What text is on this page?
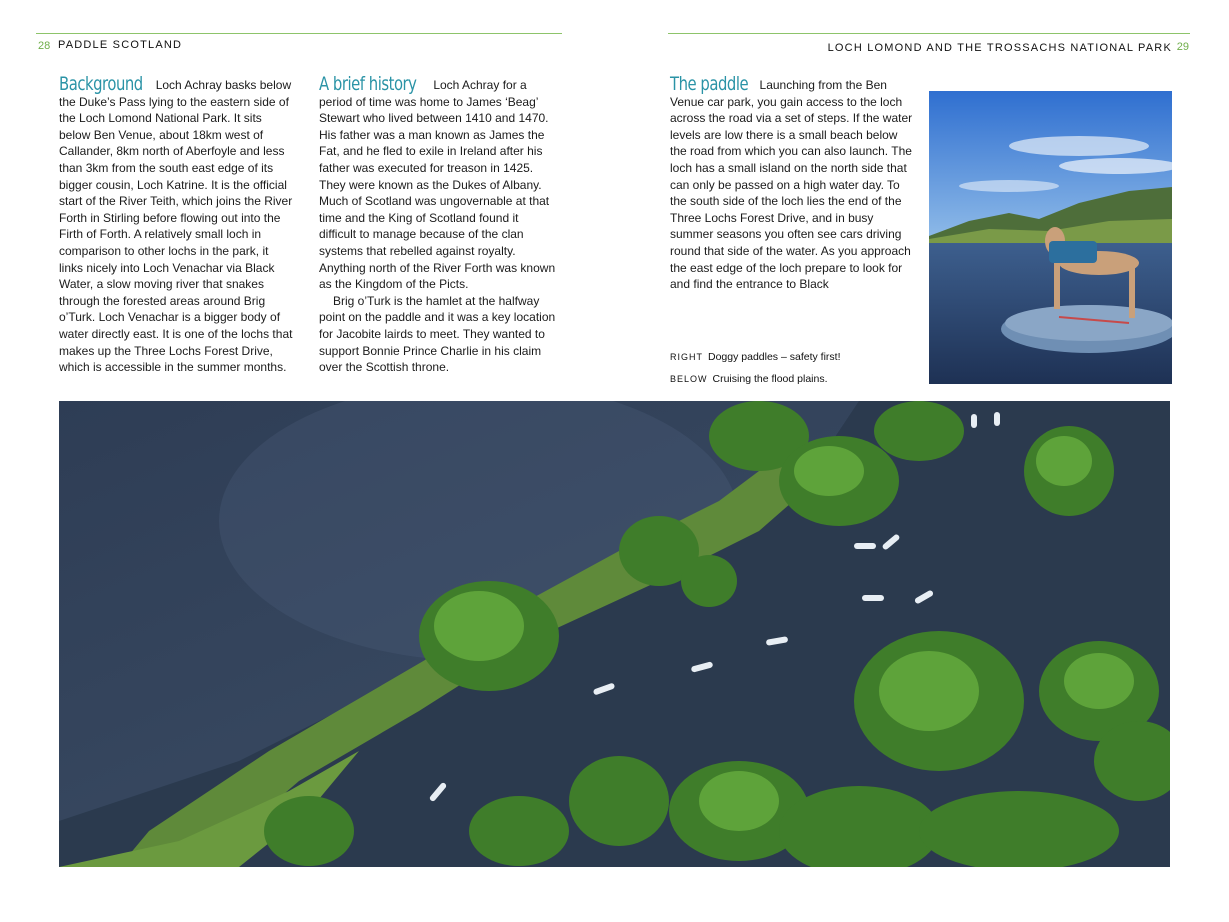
28 PADDLE SCOTLAND	LOCH LOMOND AND THE TROSSACHS NATIONAL PARK 29

Background Loch Achray basks below the Duke’s Pass lying to the eastern side of the Loch Lomond National Park. It sits below Ben Venue, about 18km west of Callander, 8km north of Aberfoyle and less than 3km from the south east edge of its bigger cousin, Loch Katrine. It is the official start of the River Teith, which joins the River Forth in Stirling before flowing out into the Firth of Forth. A relatively small loch in comparison to other lochs in the park, it links nicely into Loch Venachar via Black Water, a slow moving river that snakes through the forested areas around Brig o’Turk. Loch Venachar is a bigger body of water directly east. It is one of the lochs that makes up the Three Lochs Forest Drive, which is accessible in the summer months.

A brief history Loch Achray for a period of time was home to James ‘Beag’ Stewart who lived between 1410 and 1470. His father was a man known as James the Fat, and he fled to exile in Ireland after his father was executed for treason in 1425. They were known as the Dukes of Albany. Much of Scotland was ungovernable at that time and the King of Scotland found it difficult to manage because of the clan systems that rebelled against royalty. Anything north of the River Forth was known as the Kingdom of the Picts.

Brig o’Turk is the hamlet at the halfway point on the paddle and it was a key location for Jacobite lairds to meet. They wanted to support Bonnie Prince Charlie in his claim over the Scottish throne.

The paddle Launching from the Ben Venue car park, you gain access to the loch across the road via a set of steps. If the water levels are low there is a small beach below the road from which you can also launch. The loch has a small island on the north side that can only be passed on a high water day. To the south side of the loch lies the end of the Three Lochs Forest Drive, and in busy summer seasons you often see cars driving round that side of the water. As you approach the east edge of the loch prepare to look for and find the entrance to Black

RIGHT Doggy paddles – safety first!
BELOW Cruising the flood plains.
